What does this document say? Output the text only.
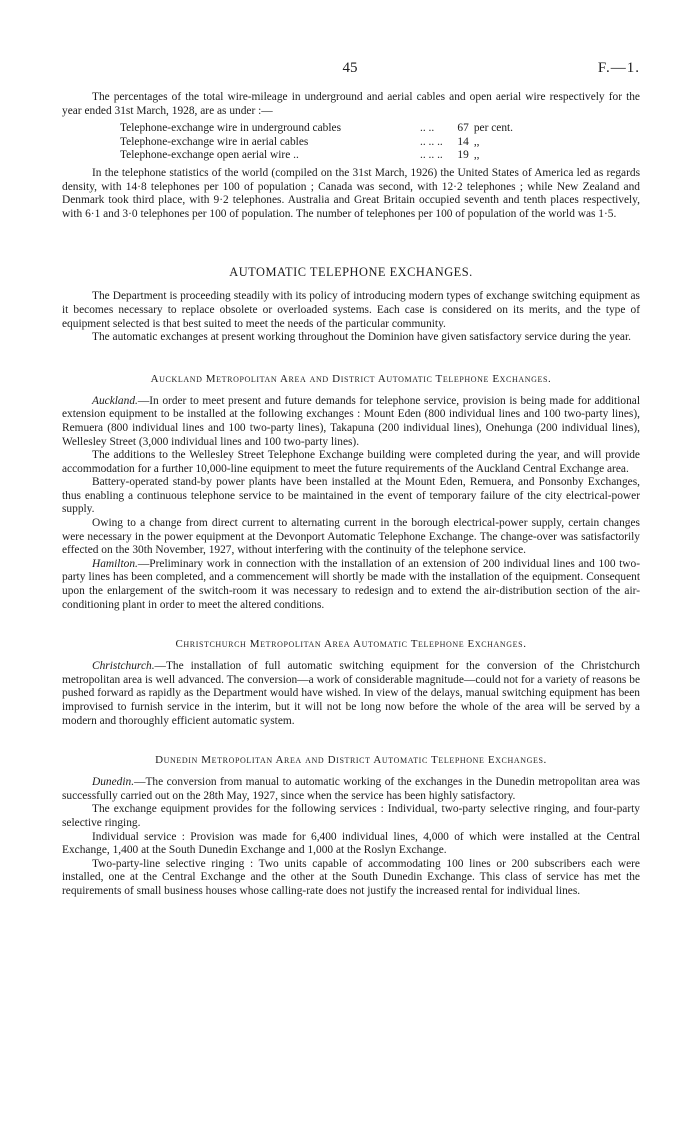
45	F.—1.

The percentages of the total wire-mileage in underground and aerial cables and open aerial wire respectively for the year ended 31st March, 1928, are as under :—

Telephone-exchange wire in underground cables	.. ..	67	per cent.
Telephone-exchange wire in aerial cables	.. .. ..	14	,,
Telephone-exchange open aerial wire ..	.. .. ..	19	,,

In the telephone statistics of the world (compiled on the 31st March, 1926) the United States of America led as regards density, with 14·8 telephones per 100 of population ; Canada was second, with 12·2 telephones ; while New Zealand and Denmark took third place, with 9·2 telephones. Australia and Great Britain occupied seventh and tenth places respectively, with 6·1 and 3·0 telephones per 100 of population. The number of telephones per 100 of population of the world was 1·5.

AUTOMATIC TELEPHONE EXCHANGES.

The Department is proceeding steadily with its policy of introducing modern types of exchange switching equipment as it becomes necessary to replace obsolete or overloaded systems. Each case is considered on its merits, and the type of equipment selected is that best suited to meet the needs of the particular community.

The automatic exchanges at present working throughout the Dominion have given satisfactory service during the year.

Auckland Metropolitan Area and District Automatic Telephone Exchanges.

Auckland.—In order to meet present and future demands for telephone service, provision is being made for additional extension equipment to be installed at the following exchanges : Mount Eden (800 individual lines and 100 two-party lines), Remuera (800 individual lines and 100 two-party lines), Takapuna (200 individual lines), Onehunga (200 individual lines), Wellesley Street (3,000 individual lines and 100 two-party lines).

The additions to the Wellesley Street Telephone Exchange building were completed during the year, and will provide accommodation for a further 10,000-line equipment to meet the future requirements of the Auckland Central Exchange area.

Battery-operated stand-by power plants have been installed at the Mount Eden, Remuera, and Ponsonby Exchanges, thus enabling a continuous telephone service to be maintained in the event of temporary failure of the city electrical-power supply.

Owing to a change from direct current to alternating current in the borough electrical-power supply, certain changes were necessary in the power equipment at the Devonport Automatic Telephone Exchange. The change-over was satisfactorily effected on the 30th November, 1927, without interfering with the continuity of the telephone service.

Hamilton.—Preliminary work in connection with the installation of an extension of 200 individual lines and 100 two-party lines has been completed, and a commencement will shortly be made with the installation of the equipment. Consequent upon the enlargement of the switch-room it was necessary to redesign and to extend the air-distribution section of the air-conditioning plant in order to meet the altered conditions.

Christchurch Metropolitan Area Automatic Telephone Exchanges.

Christchurch.—The installation of full automatic switching equipment for the conversion of the Christchurch metropolitan area is well advanced. The conversion—a work of considerable magnitude—could not for a variety of reasons be pushed forward as rapidly as the Department would have wished. In view of the delays, manual switching equipment has been improvised to furnish service in the interim, but it will not be long now before the whole of the area will be served by a modern and thoroughly efficient automatic system.

Dunedin Metropolitan Area and District Automatic Telephone Exchanges.

Dunedin.—The conversion from manual to automatic working of the exchanges in the Dunedin metropolitan area was successfully carried out on the 28th May, 1927, since when the service has been highly satisfactory.

The exchange equipment provides for the following services : Individual, two-party selective ringing, and four-party selective ringing.

Individual service : Provision was made for 6,400 individual lines, 4,000 of which were installed at the Central Exchange, 1,400 at the South Dunedin Exchange and 1,000 at the Roslyn Exchange.

Two-party-line selective ringing : Two units capable of accommodating 100 lines or 200 subscribers each were installed, one at the Central Exchange and the other at the South Dunedin Exchange. This class of service has met the requirements of small business houses whose calling-rate does not justify the increased rental for individual lines.
